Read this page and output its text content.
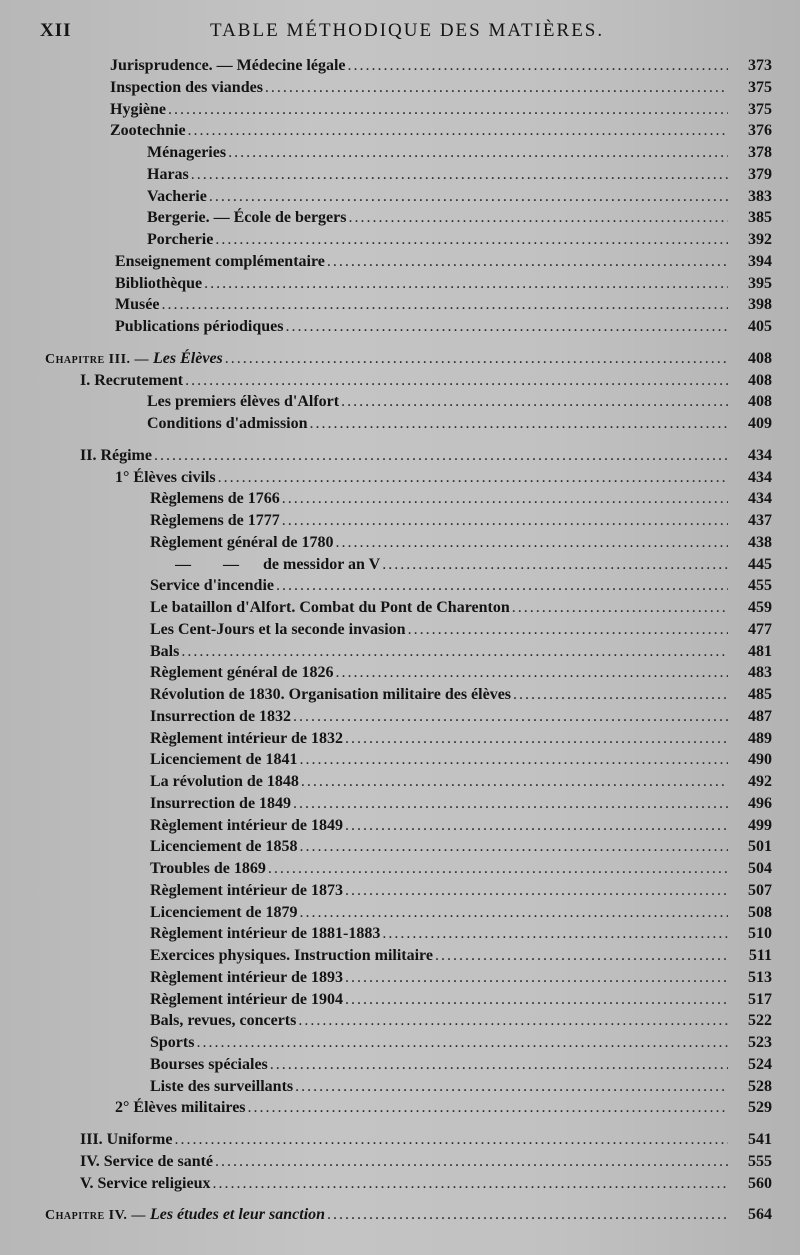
XII	TABLE MÉTHODIQUE DES MATIÈRES.
Jurisprudence. — Médecine légale .....	373
Inspection des viandes .....	375
Hygiène .....	375
Zootechnie .....	376
Ménageries .....	378
Haras .....	379
Vacherie .....	383
Bergerie. — École de bergers .....	385
Porcherie .....	392
Enseignement complémentaire .....	394
Bibliothèque .....	395
Musée .....	398
Publications périodiques .....	405
Chapitre III. — Les Élèves .....	408
I. Recrutement .....	408
Les premiers élèves d'Alfort .....	408
Conditions d'admission .....	409
II. Régime .....	434
1° Élèves civils .....	434
Règlemens de 1766 .....	434
Règlemens de 1777 .....	437
Règlement général de 1780 .....	438
—        —      de messidor an V .....	445
Service d'incendie .....	455
Le bataillon d'Alfort. Combat du Pont de Charenton .....	459
Les Cent-Jours et la seconde invasion .....	477
Bals .....	481
Règlement général de 1826 .....	483
Révolution de 1830. Organisation militaire des élèves .....	485
Insurrection de 1832 .....	487
Règlement intérieur de 1832 .....	489
Licenciement de 1841 .....	490
La révolution de 1848 .....	492
Insurrection de 1849 .....	496
Règlement intérieur de 1849 .....	499
Licenciement de 1858 .....	501
Troubles de 1869 .....	504
Règlement intérieur de 1873 .....	507
Licenciement de 1879 .....	508
Règlement intérieur de 1881-1883 .....	510
Exercices physiques. Instruction militaire .....	511
Règlement intérieur de 1893 .....	513
Règlement intérieur de 1904 .....	517
Bals, revues, concerts .....	522
Sports .....	523
Bourses spéciales .....	524
Liste des surveillants .....	528
2° Élèves militaires .....	529
III. Uniforme .....	541
IV. Service de santé .....	555
V. Service religieux .....	560
Chapitre IV. — Les études et leur sanction .....	564
